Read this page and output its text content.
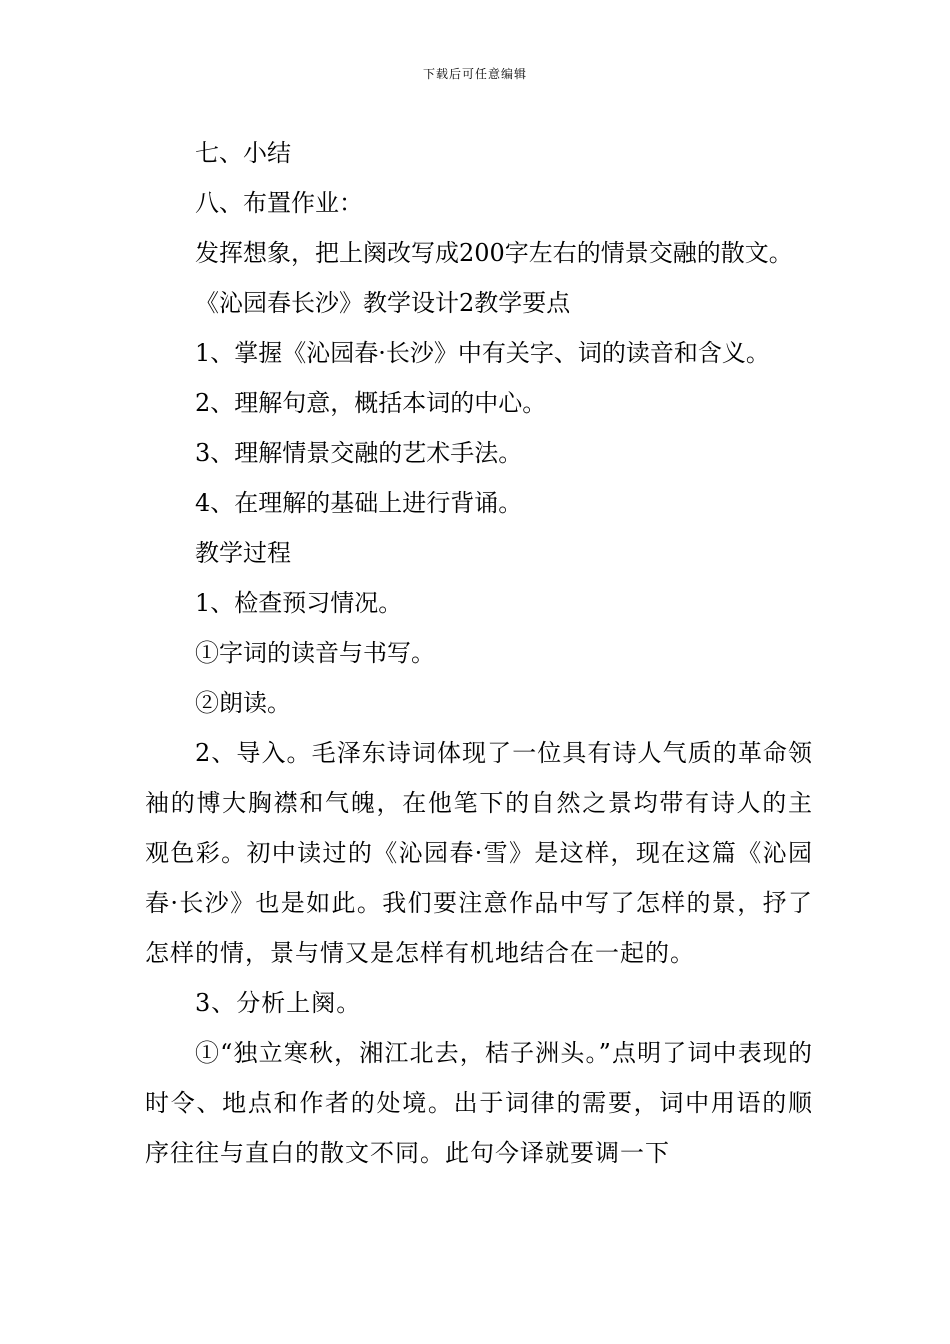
下载后可任意编辑

七、小结

八、布置作业：

发挥想象，把上阕改写成200字左右的情景交融的散文。

《沁园春长沙》教学设计2教学要点

1、掌握《沁园春·长沙》中有关字、词的读音和含义。

2、理解句意，概括本词的中心。

3、理解情景交融的艺术手法。

4、在理解的基础上进行背诵。

教学过程

1、检查预习情况。

①字词的读音与书写。

②朗读。

2、导入。毛泽东诗词体现了一位具有诗人气质的革命领袖的博大胸襟和气魄，在他笔下的自然之景均带有诗人的主观色彩。初中读过的《沁园春·雪》是这样，现在这篇《沁园春·长沙》也是如此。我们要注意作品中写了怎样的景，抒了怎样的情，景与情又是怎样有机地结合在一起的。

3、分析上阕。

①“独立寒秋，湘江北去，桔子洲头。”点明了词中表现的时令、地点和作者的处境。出于词律的需要，词中用语的顺序往往与直白的散文不同。此句今译就要调一下
